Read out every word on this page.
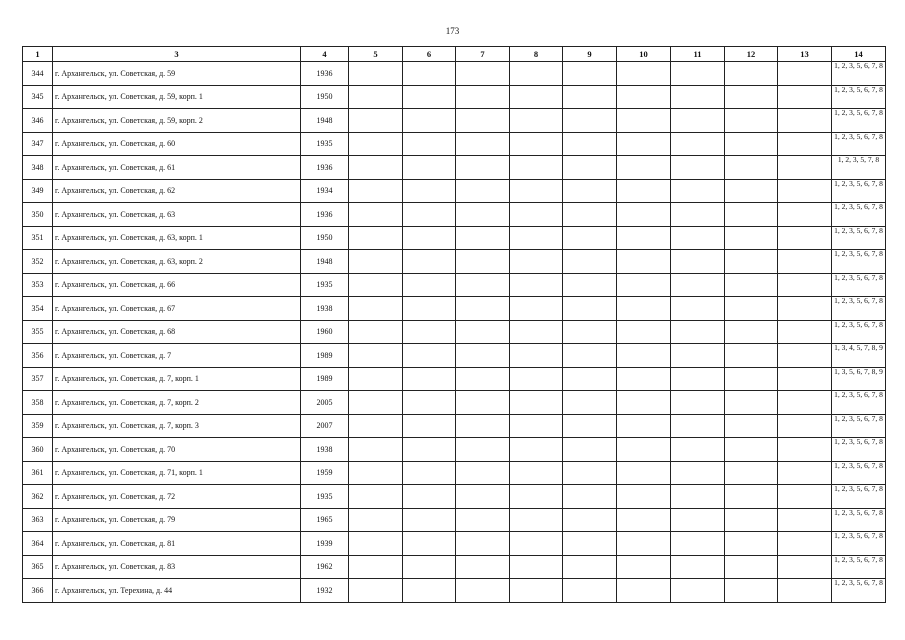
173
1	3	4	5	6	7	8	9	10	11	12	13	14
344	г. Архангельск, ул. Советская, д. 59	1936										1, 2, 3, 5, 6, 7, 8

345	г. Архангельск, ул. Советская, д. 59, корп. 1	1950										1, 2, 3, 5, 6, 7, 8

346	г. Архангельск, ул. Советская, д. 59, корп. 2	1948										1, 2, 3, 5, 6, 7, 8

347	г. Архангельск, ул. Советская, д. 60	1935										1, 2, 3, 5, 6, 7, 8

348	г. Архангельск, ул. Советская, д. 61	1936										1, 2, 3, 5, 7, 8

349	г. Архангельск, ул. Советская, д. 62	1934										1, 2, 3, 5, 6, 7, 8

350	г. Архангельск, ул. Советская, д. 63	1936										1, 2, 3, 5, 6, 7, 8

351	г. Архангельск, ул. Советская, д. 63, корп. 1	1950										1, 2, 3, 5, 6, 7, 8

352	г. Архангельск, ул. Советская, д. 63, корп. 2	1948										1, 2, 3, 5, 6, 7, 8

353	г. Архангельск, ул. Советская, д. 66	1935										1, 2, 3, 5, 6, 7, 8

354	г. Архангельск, ул. Советская, д. 67	1938										1, 2, 3, 5, 6, 7, 8

355	г. Архангельск, ул. Советская, д. 68	1960										1, 2, 3, 5, 6, 7, 8

356	г. Архангельск, ул. Советская, д. 7	1989										1, 3, 4, 5, 7, 8, 9

357	г. Архангельск, ул. Советская, д. 7, корп. 1	1989										1, 3, 5, 6, 7, 8, 9

358	г. Архангельск, ул. Советская, д. 7, корп. 2	2005										1, 2, 3, 5, 6, 7, 8

359	г. Архангельск, ул. Советская, д. 7, корп. 3	2007										1, 2, 3, 5, 6, 7, 8

360	г. Архангельск, ул. Советская, д. 70	1938										1, 2, 3, 5, 6, 7, 8

361	г. Архангельск, ул. Советская, д. 71, корп. 1	1959										1, 2, 3, 5, 6, 7, 8

362	г. Архангельск, ул. Советская, д. 72	1935										1, 2, 3, 5, 6, 7, 8

363	г. Архангельск, ул. Советская, д. 79	1965										1, 2, 3, 5, 6, 7, 8

364	г. Архангельск, ул. Советская, д. 81	1939										1, 2, 3, 5, 6, 7, 8

365	г. Архангельск, ул. Советская, д. 83	1962										1, 2, 3, 5, 6, 7, 8

366	г. Архангельск, ул. Терехина, д. 44	1932										1, 2, 3, 5, 6, 7, 8
